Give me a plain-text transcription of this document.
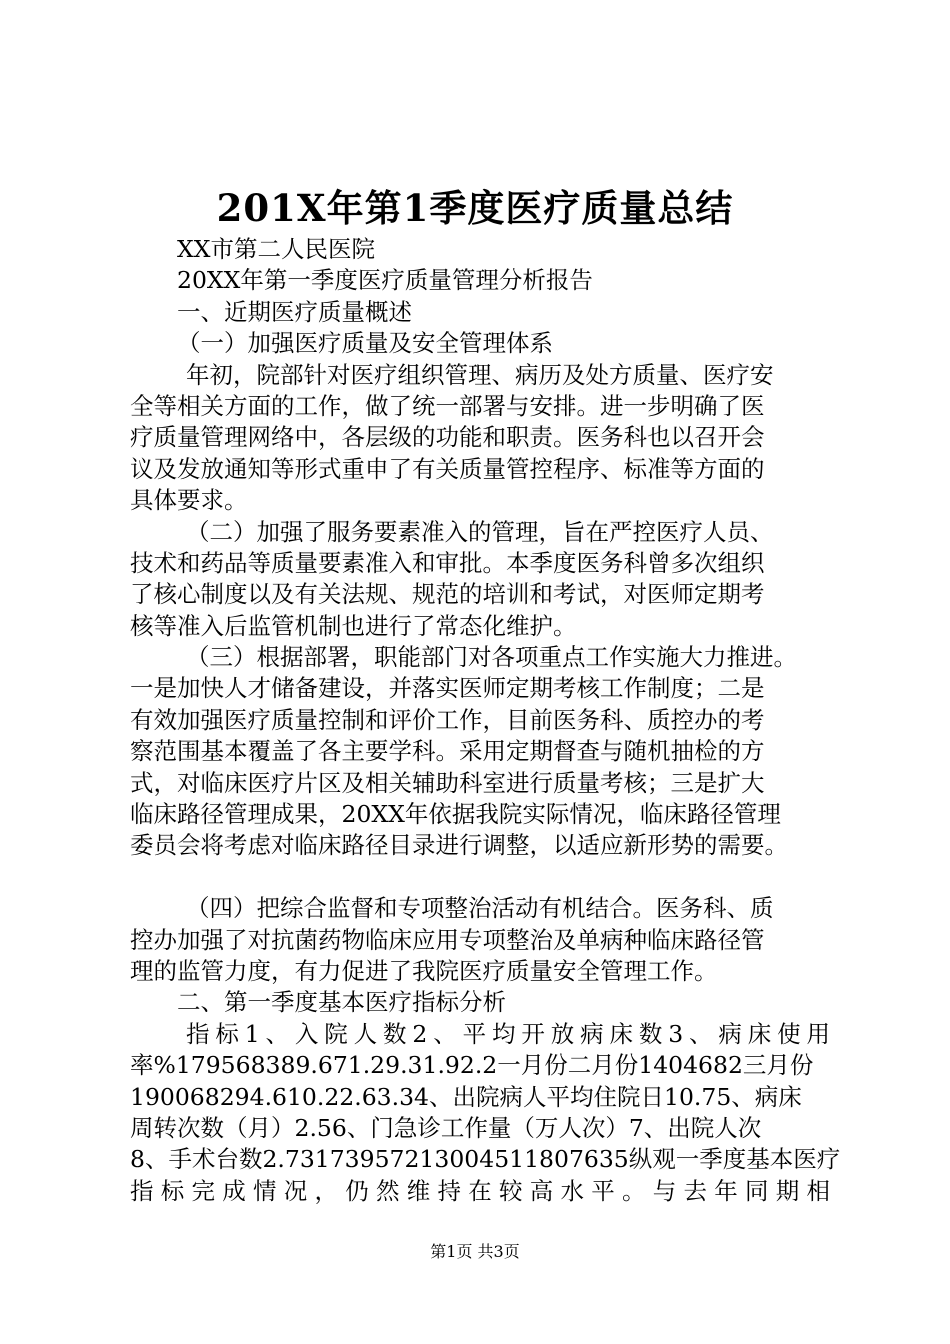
201X年第1季度医疗质量总结
XX市第二人民医院
20XX年第一季度医疗质量管理分析报告
一、近期医疗质量概述
（一）加强医疗质量及安全管理体系
年初，院部针对医疗组织管理、病历及处方质量、医疗安
全等相关方面的工作，做了统一部署与安排。进一步明确了医
疗质量管理网络中，各层级的功能和职责。医务科也以召开会
议及发放通知等形式重申了有关质量管控程序、标准等方面的
具体要求。
（二）加强了服务要素准入的管理，旨在严控医疗人员、
技术和药品等质量要素准入和审批。本季度医务科曾多次组织
了核心制度以及有关法规、规范的培训和考试，对医师定期考
核等准入后监管机制也进行了常态化维护。
（三）根据部署，职能部门对各项重点工作实施大力推进。
一是加快人才储备建设，并落实医师定期考核工作制度；二是
有效加强医疗质量控制和评价工作，目前医务科、质控办的考
察范围基本覆盖了各主要学科。采用定期督查与随机抽检的方
式，对临床医疗片区及相关辅助科室进行质量考核；三是扩大
临床路径管理成果，20XX年依据我院实际情况，临床路径管理
委员会将考虑对临床路径目录进行调整，以适应新形势的需要。
（四）把综合监督和专项整治活动有机结合。医务科、质
控办加强了对抗菌药物临床应用专项整治及单病种临床路径管
理的监管力度，有力促进了我院医疗质量安全管理工作。
二、第一季度基本医疗指标分析
指标1、入院人数2、平均开放病床数3、病床使用
率%179568389.671.29.31.92.2一月份二月份1404682三月份
190068294.610.22.63.34、出院病人平均住院日10.75、病床
周转次数（月）2.56、门急诊工作量（万人次）7、出院人次
8、手术台数2.7317395721300451180​7635纵观一季度基本医疗
指标完成情况，仍然维持在较高水平。与去年同期相
第1页 共3页
